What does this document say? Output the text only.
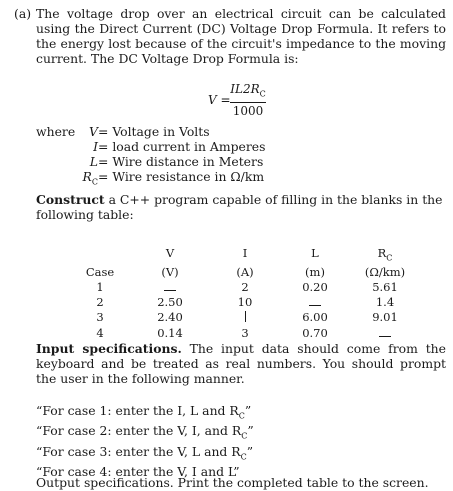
(a) The voltage drop over an electrical circuit can be calculated using the Direct Current (DC) Voltage Drop Formula. It refers to the energy lost because of the circuit's impedance to the moving current. The DC Voltage Drop Formula is:

V =
$IL2R_C$
1000
where	V = Voltage in Volts
I = load current in Amperes
L = Wire distance in Meters
$R_C$ = Wire resistance in Ω/km

Construct a C++ program capable of filling in the blanks in the following table:

	V	I	L	$R_C$
Case	(V)	(A)	(m)	(Ω/km)
1		2	0.20	5.61
2	2.50	10		1.4
3	2.40		6.00	9.01
4	0.14	3	0.70	

Input specifications. The input data should come from the keyboard and be treated as real numbers. You should prompt the user in the following manner.

“For case 1: enter the I, L and $R_C$”
“For case 2: enter the V, I, and $R_C$”
“For case 3: enter the V, L and $R_C$”
“For case 4: enter the V, I and L”

Output specifications. Print the completed table to the screen.
